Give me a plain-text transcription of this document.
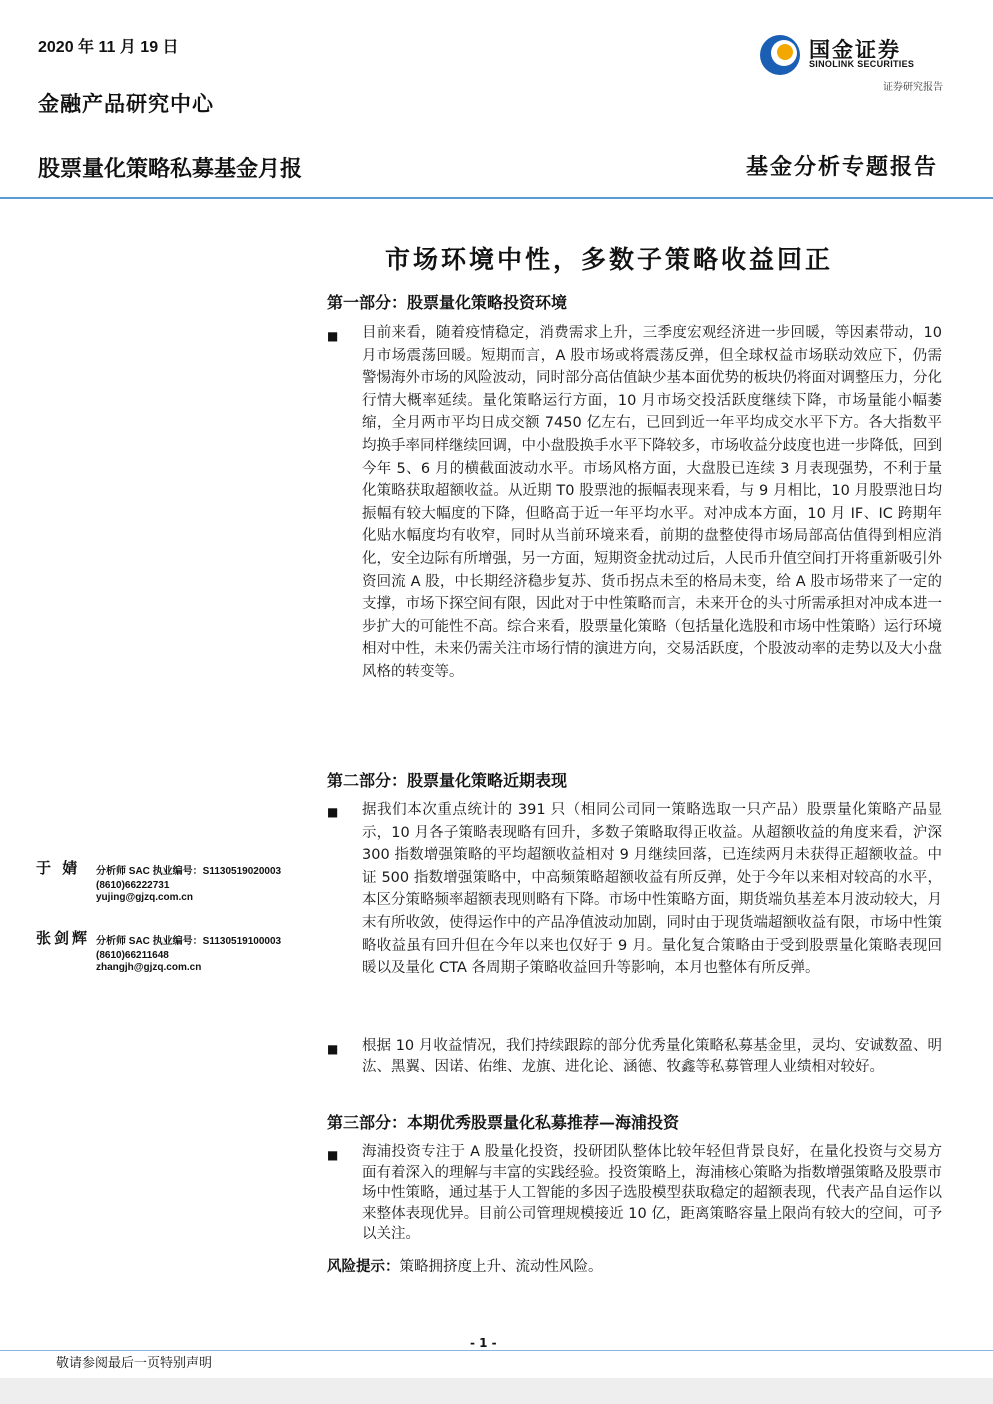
2020 年 11 月 19 日
金融产品研究中心
国金证券
SINOLINK SECURITIES
证券研究报告
股票量化策略私募基金月报	基金分析专题报告
市场环境中性，多数子策略收益回正
第一部分：股票量化策略投资环境
■ 目前来看，随着疫情稳定，消费需求上升，三季度宏观经济进一步回暖，等因素带动，10 月市场震荡回暖。短期而言，A 股市场或将震荡反弹，但全球权益市场联动效应下，仍需警惕海外市场的风险波动，同时部分高估值缺少基本面优势的板块仍将面对调整压力，分化行情大概率延续。量化策略运行方面，10 月市场交投活跃度继续下降，市场量能小幅萎缩，全月两市平均日成交额 7450 亿左右，已回到近一年平均成交水平下方。各大指数平均换手率同样继续回调，中小盘股换手水平下降较多，市场收益分歧度也进一步降低，回到今年 5、6 月的横截面波动水平。市场风格方面，大盘股已连续 3 月表现强势，不利于量化策略获取超额收益。从近期 T0 股票池的振幅表现来看，与 9 月相比，10 月股票池日均振幅有较大幅度的下降，但略高于近一年平均水平。对冲成本方面，10 月 IF、IC 跨期年化贴水幅度均有收窄，同时从当前环境来看，前期的盘整使得市场局部高估值得到相应消化，安全边际有所增强，另一方面，短期资金扰动过后，人民币升值空间打开将重新吸引外资回流 A 股，中长期经济稳步复苏、货币拐点未至的格局未变，给 A 股市场带来了一定的支撑，市场下探空间有限，因此对于中性策略而言，未来开仓的头寸所需承担对冲成本进一步扩大的可能性不高。综合来看，股票量化策略（包括量化选股和市场中性策略）运行环境相对中性，未来仍需关注市场行情的演进方向，交易活跃度，个股波动率的走势以及大小盘风格的转变等。
第二部分：股票量化策略近期表现
■ 据我们本次重点统计的 391 只（相同公司同一策略选取一只产品）股票量化策略产品显示，10 月各子策略表现略有回升，多数子策略取得正收益。从超额收益的角度来看，沪深 300 指数增强策略的平均超额收益相对 9 月继续回落，已连续两月未获得正超额收益。中证 500 指数增强策略中，中高频策略超额收益有所反弹，处于今年以来相对较高的水平，本区分策略频率超额表现则略有下降。市场中性策略方面，期货端负基差本月波动较大，月末有所收敛，使得运作中的产品净值波动加剧，同时由于现货端超额收益有限，市场中性策略收益虽有回升但在今年以来也仅好于 9 月。量化复合策略由于受到股票量化策略表现回暖以及量化 CTA 各周期子策略收益回升等影响，本月也整体有所反弹。
■ 根据 10 月收益情况，我们持续跟踪的部分优秀量化策略私募基金里，灵均、安诚数盈、明汯、黑翼、因诺、佑维、龙旗、进化论、涵德、牧鑫等私募管理人业绩相对较好。
第三部分：本期优秀股票量化私募推荐—海浦投资
■ 海浦投资专注于 A 股量化投资，投研团队整体比较年轻但背景良好，在量化投资与交易方面有着深入的理解与丰富的实践经验。投资策略上，海浦核心策略为指数增强策略及股票市场中性策略，通过基于人工智能的多因子选股模型获取稳定的超额表现，代表产品自运作以来整体表现优异。目前公司管理规模接近 10 亿，距离策略容量上限尚有较大的空间，可予以关注。
风险提示：策略拥挤度上升、流动性风险。
于 婧 分析师 SAC 执业编号：S1130519020003
(8610)66222731
yujing@gjzq.com.cn
张剑辉 分析师 SAC 执业编号：S1130519100003
(8610)66211648
zhangjh@gjzq.com.cn
- 1 -
敬请参阅最后一页特别声明
